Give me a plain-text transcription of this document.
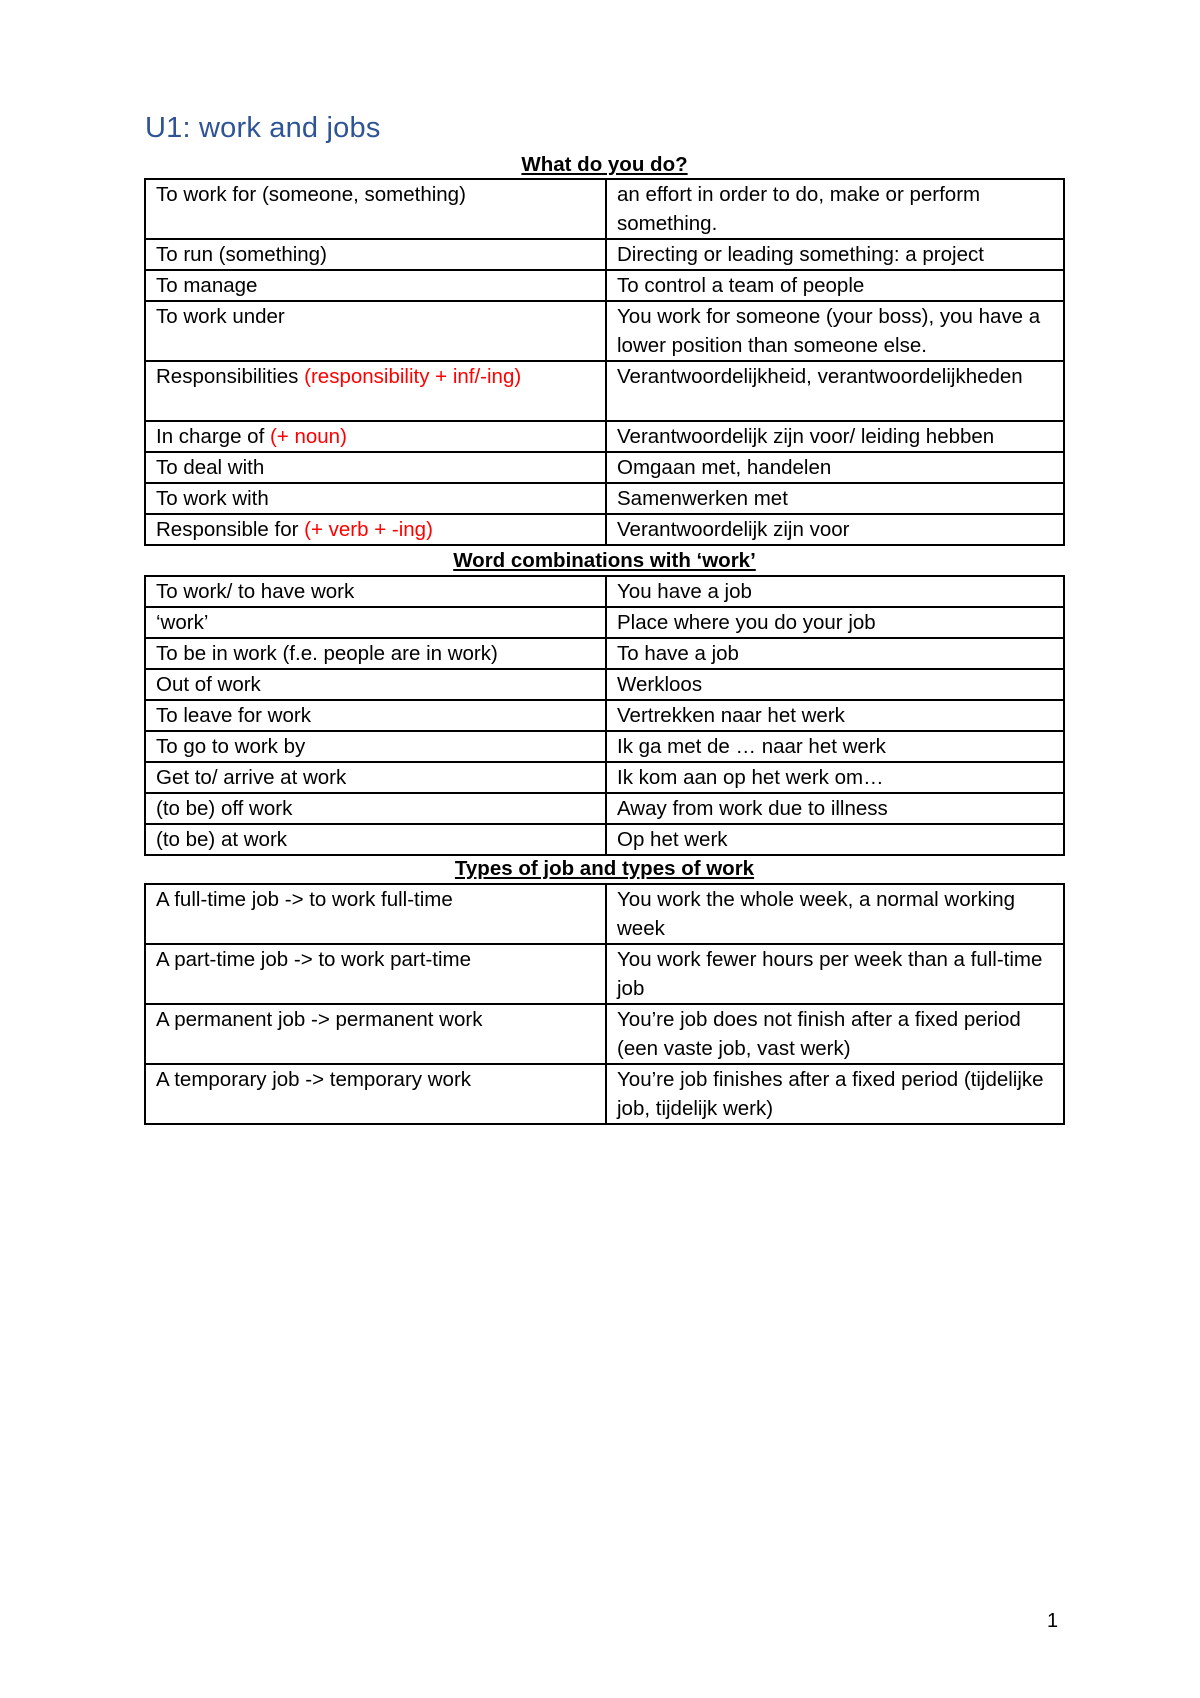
U1: work and jobs
What do you do?
To work for (someone, something)	an effort in order to do, make or perform something.
To run (something)	Directing or leading something: a project
To manage	To control a team of people
To work under	You work for someone (your boss), you have a lower position than someone else.
Responsibilities (responsibility + inf/-ing)	Verantwoordelijkheid, verantwoordelijkheden
In charge of (+ noun)	Verantwoordelijk zijn voor/ leiding hebben
To deal with	Omgaan met, handelen
To work with	Samenwerken met
Responsible for (+ verb + -ing)	Verantwoordelijk zijn voor
Word combinations with ‘work’
To work/ to have work	You have a job
‘work’	Place where you do your job
To be in work (f.e. people are in work)	To have a job
Out of work	Werkloos
To leave for work	Vertrekken naar het werk
To go to work by	Ik ga met de … naar het werk
Get to/ arrive at work	Ik kom aan op het werk om…
(to be) off work	Away from work due to illness
(to be) at work	Op het werk
Types of job and types of work
A full-time job -> to work full-time	You work the whole week, a normal working week
A part-time job -> to work part-time	You work fewer hours per week than a full-time job
A permanent job -> permanent work	You’re job does not finish after a fixed period (een vaste job, vast werk)
A temporary job -> temporary work	You’re job finishes after a fixed period (tijdelijke job, tijdelijk werk)
1
